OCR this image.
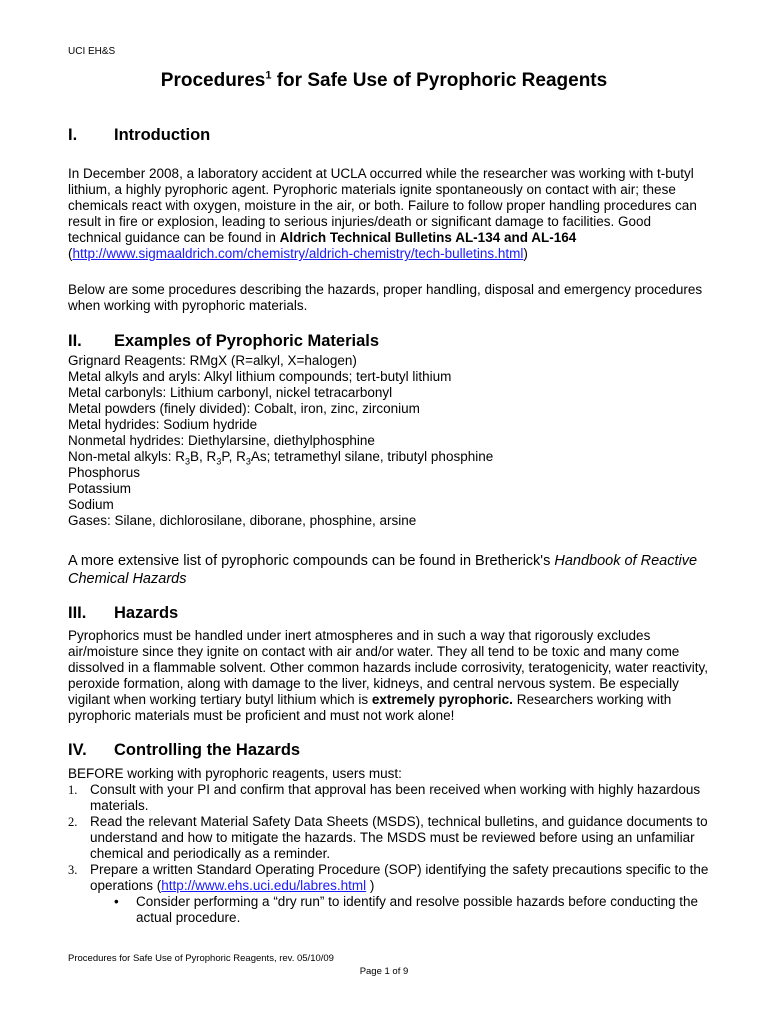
UCI EH&S
Procedures$^1$ for Safe Use of Pyrophoric Reagents
I. Introduction
In December 2008, a laboratory accident at UCLA occurred while the researcher was working with t-butyl lithium, a highly pyrophoric agent. Pyrophoric materials ignite spontaneously on contact with air; these chemicals react with oxygen, moisture in the air, or both. Failure to follow proper handling procedures can result in fire or explosion, leading to serious injuries/death or significant damage to facilities. Good technical guidance can be found in Aldrich Technical Bulletins AL-134 and AL-164 (http://www.sigmaaldrich.com/chemistry/aldrich-chemistry/tech-bulletins.html)
Below are some procedures describing the hazards, proper handling, disposal and emergency procedures when working with pyrophoric materials.
II. Examples of Pyrophoric Materials
Grignard Reagents: RMgX (R=alkyl, X=halogen)
Metal alkyls and aryls: Alkyl lithium compounds; tert-butyl lithium
Metal carbonyls: Lithium carbonyl, nickel tetracarbonyl
Metal powders (finely divided): Cobalt, iron, zinc, zirconium
Metal hydrides: Sodium hydride
Nonmetal hydrides: Diethylarsine, diethylphosphine
Non-metal alkyls: $R_3B$, $R_3P$, $R_3As$; tetramethyl silane, tributyl phosphine
Phosphorus
Potassium
Sodium
Gases: Silane, dichlorosilane, diborane, phosphine, arsine
A more extensive list of pyrophoric compounds can be found in Bretherick's Handbook of Reactive Chemical Hazards
III. Hazards
Pyrophorics must be handled under inert atmospheres and in such a way that rigorously excludes air/moisture since they ignite on contact with air and/or water. They all tend to be toxic and many come dissolved in a flammable solvent. Other common hazards include corrosivity, teratogenicity, water reactivity, peroxide formation, along with damage to the liver, kidneys, and central nervous system. Be especially vigilant when working tertiary butyl lithium which is extremely pyrophoric. Researchers working with pyrophoric materials must be proficient and must not work alone!
IV. Controlling the Hazards
BEFORE working with pyrophoric reagents, users must:
1. Consult with your PI and confirm that approval has been received when working with highly hazardous materials.
2. Read the relevant Material Safety Data Sheets (MSDS), technical bulletins, and guidance documents to understand and how to mitigate the hazards. The MSDS must be reviewed before using an unfamiliar chemical and periodically as a reminder.
3. Prepare a written Standard Operating Procedure (SOP) identifying the safety precautions specific to the operations (http://www.ehs.uci.edu/labres.html )
• Consider performing a “dry run” to identify and resolve possible hazards before conducting the actual procedure.
Procedures for Safe Use of Pyrophoric Reagents, rev. 05/10/09
Page 1 of 9
